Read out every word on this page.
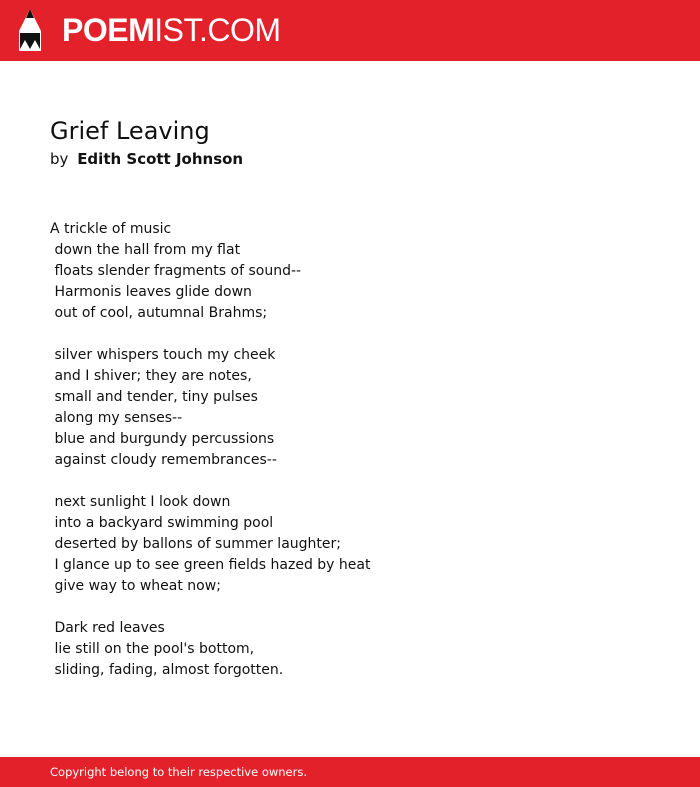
POEMIST.COM
Grief Leaving
by Edith Scott Johnson
A trickle of music
down the hall from my flat
floats slender fragments of sound--
Harmonis leaves glide down
out of cool, autumnal Brahms;

silver whispers touch my cheek
and I shiver; they are notes,
small and tender, tiny pulses
along my senses--
blue and burgundy percussions
against cloudy remembrances--

next sunlight I look down
into a backyard swimming pool
deserted by ballons of summer laughter;
I glance up to see green fields hazed by heat
give way to wheat now;

Dark red leaves
lie still on the pool's bottom,
sliding, fading, almost forgotten.
Copyright belong to their respective owners.
